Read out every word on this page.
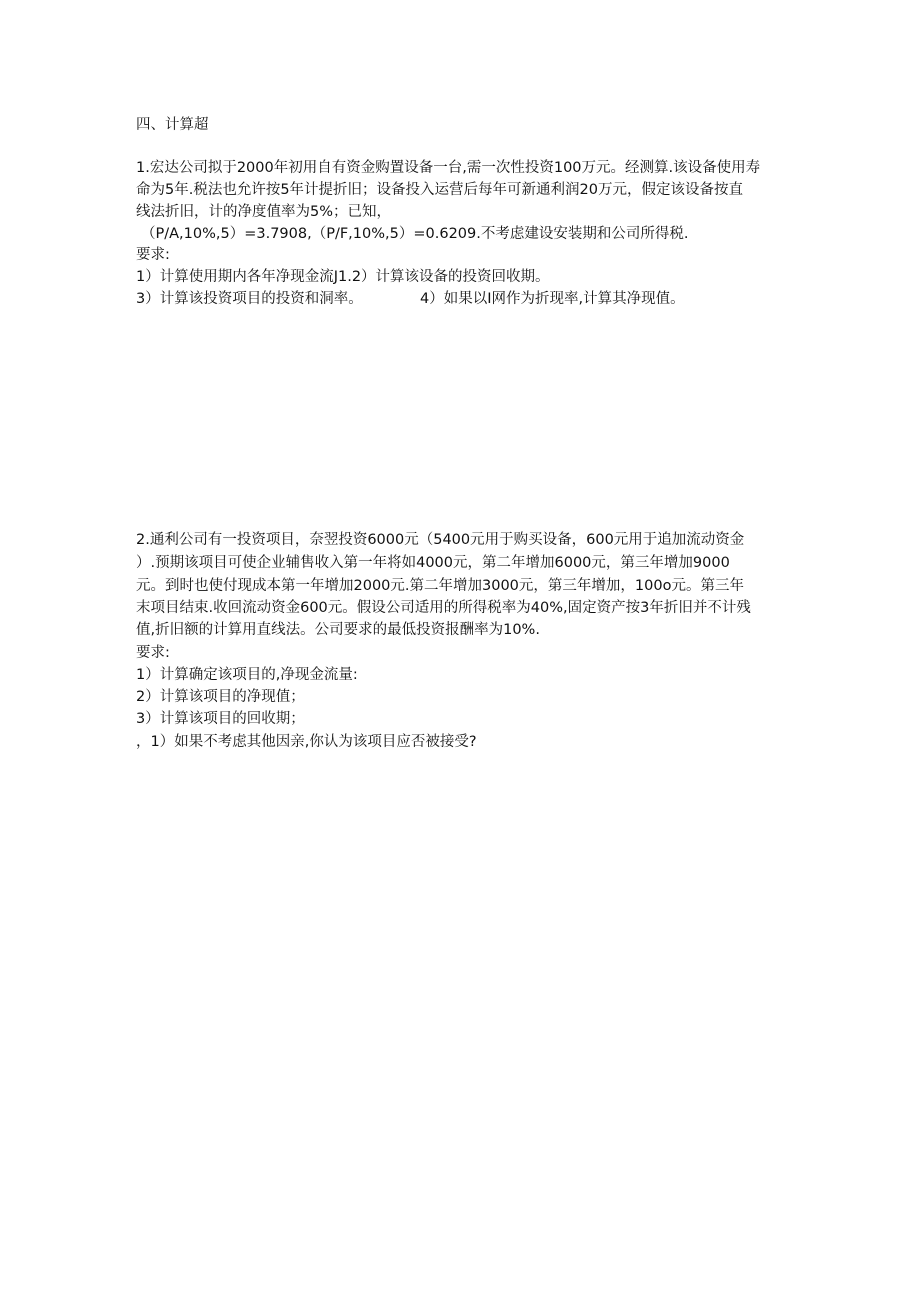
四、计算超
1.宏达公司拟于2000年初用自有资金购置设备一台,需一次性投资100万元。经测算.该设备使用寿
命为5年.税法也允许按5年计提折旧；设备投入运营后每年可新通利润20万元，假定该设备按直
线法折旧，计的净度值率为5%；已知，
（P/A,10%,5）=3.7908,（P/F,10%,5）=0.6209.不考虑建设安装期和公司所得税.
要求:
1）计算使用期内各年净现金流J1.2）计算该设备的投资回收期。
3）计算该投资项目的投资和洞率。	4）如果以I网作为折现率,计算其净现值。
2.通利公司有一投资项目，奈翌投资6000元（5400元用于购买设备，600元用于追加流动资金
）.预期该项目可使企业辅售收入第一年将如4000元，第二年增加6000元，第三年增加9000
元。到时也使付现成本第一年增加2000元.第二年增加3000元，第三年增加，100o元。第三年
末项目结束.收回流动资金600元。假设公司适用的所得税率为40%,固定资产按3年折旧并不计残
值,折旧额的计算用直线法。公司要求的最低投资报酬率为10%.
要求:
1）计算确定该项目的,净现金流量:
2）计算该项目的净现值；
3）计算该项目的回收期；
，1）如果不考虑其他因亲,你认为该项目应否被接受?
